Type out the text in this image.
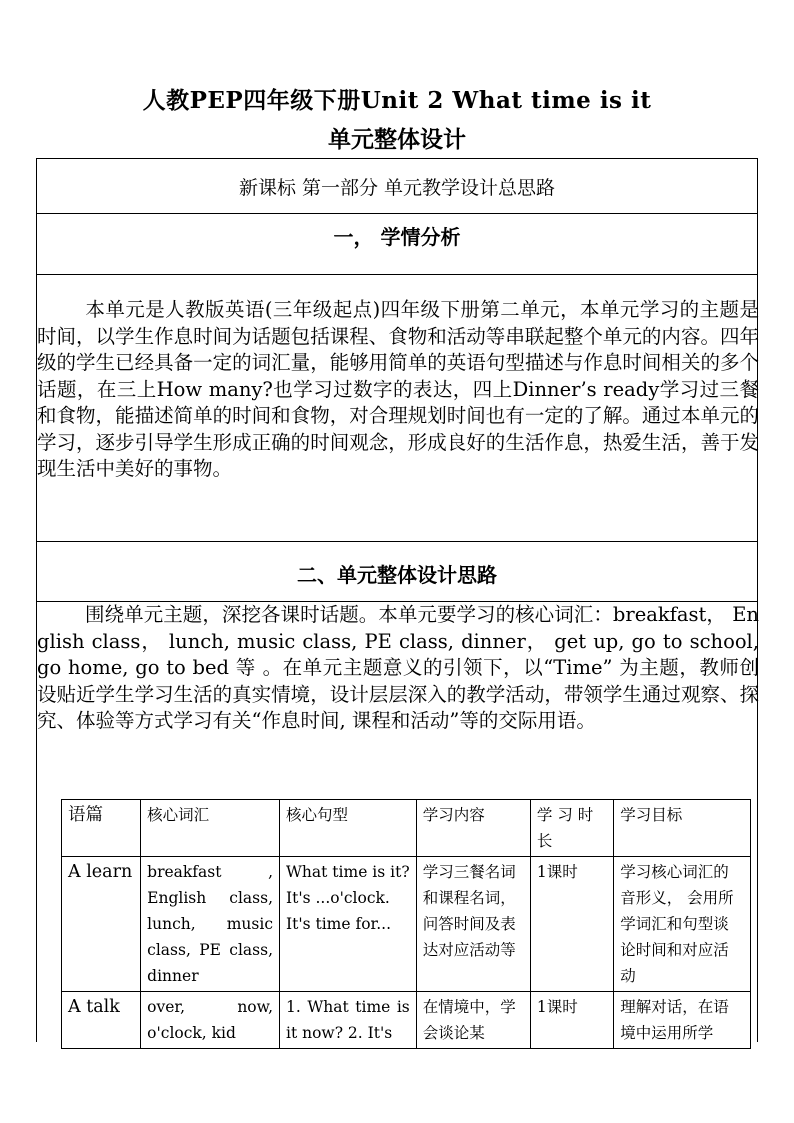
人教PEP四年级下册Unit 2 What time is it
单元整体设计
新课标 第一部分 单元教学设计总思路
一， 学情分析
本单元是人教版英语(三年级起点)四年级下册第二单元，本单元学习的主题是时间，以学生作息时间为话题包括课程、食物和活动等串联起整个单元的内容。四年级的学生已经具备一定的词汇量，能够用简单的英语句型描述与作息时间相关的多个话题，在三上How many?也学习过数字的表达，四上Dinner’s ready学习过三餐和食物，能描述简单的时间和食物，对合理规划时间也有一定的了解。通过本单元的学习，逐步引导学生形成正确的时间观念，形成良好的生活作息，热爱生活，善于发现生活中美好的事物。
二、单元整体设计思路
围绕单元主题，深挖各课时话题。本单元要学习的核心词汇：breakfast， English class， lunch, music class, PE class, dinner， get up, go to school, go home, go to bed 等 。在单元主题意义的引领下，以“Time” 为主题，教师创设贴近学生学习生活的真实情境，设计层层深入的教学活动，带领学生通过观察、探究、体验等方式学习有关“作息时间, 课程和活动”等的交际用语。
语篇	核心词汇	核心句型	学习内容	学 习 时长	学习目标
A learn	breakfast , English class, lunch, music class, PE class, dinner	What time is it? It's ...o'clock. It's time for...	学习三餐名词和课程名词， 问答时间及表达对应活动等	1课时	学习核心词汇的音形义， 会用所学词汇和句型谈论时间和对应活动
A talk	over, now, o'clock, kid	1. What time is it now? 2. It's	在情境中，学会谈论某	1课时	理解对话，在语境中运用所学
